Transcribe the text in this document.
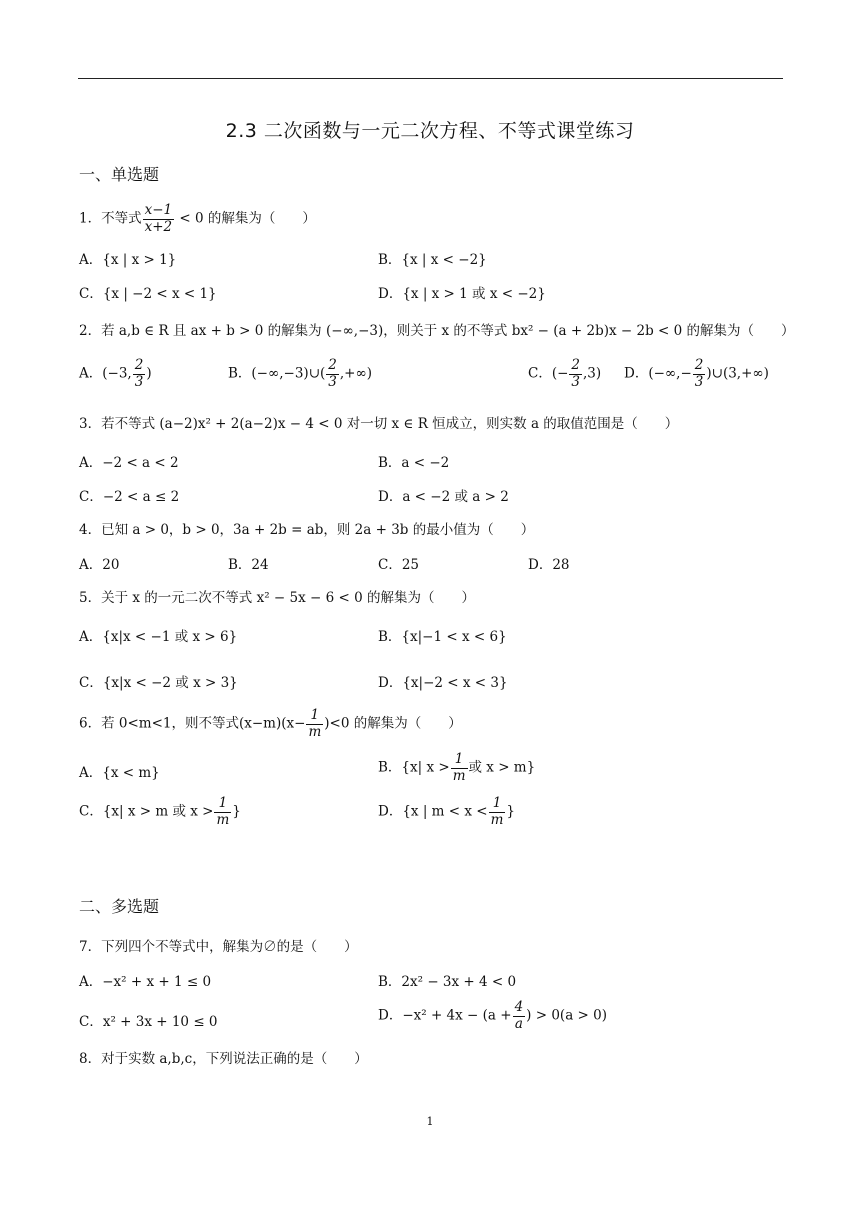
2.3 二次函数与一元二次方程、不等式课堂练习
一、单选题
1．不等式 $\frac{x-1}{x+2} < 0$ 的解集为（　　）
A．{x | x > 1}	B．{x | x < −2}
C．{x | −2 < x < 1}	D．{x | x > 1 或 x < −2}
2．若 a,b ∈ R 且 ax + b > 0 的解集为 (−∞,−3)，则关于 x 的不等式 bx² − (a + 2b)x − 2b < 0 的解集为（　　）
A．(−3, $\frac{2}{3}$ )	B．(−∞,−3)∪( $\frac{2}{3}$ ,+∞)	C．(− $\frac{2}{3} ,3$) D．(−∞,− $\frac{2}{3}$ )∪(3,+∞)
3．若不等式 (a−2)x² + 2(a−2)x − 4 < 0 对一切 x ∈ R 恒成立，则实数 a 的取值范围是（　　）
A．−2 < a < 2	B．a < −2
C．−2 < a ≤ 2	D．a < −2 或 a > 2
4．已知 a > 0，b > 0，3a + 2b = ab，则 2a + 3b 的最小值为（　　）
A．20	B．24	C．25	D．28
5．关于 x 的一元二次不等式 x² − 5x − 6 < 0 的解集为（　　）
A．{x|x < −1 或 x > 6}	B．{x|−1 < x < 6}
C．{x|x < −2 或 x > 3}	D．{x|−2 < x < 3}
6．若 0<m<1，则不等式$(x-m)(x- \frac{1}{m} )<0$ 的解集为（　　）
A．{x < m}	B．{x| $x > \frac{1}{m}$ 或 x > m}
C．{x| x > m 或 $x > \frac{1}{m}$ }	D．{x | $m < x < \frac{1}{m}$ }
二、多选题
7．下列四个不等式中，解集为∅的是（　　）
A．−x² + x + 1 ≤ 0	B．2x² − 3x + 4 < 0
C．x² + 3x + 10 ≤ 0	D．$-x^2 + 4x - (a + \frac{4}{a}$ ) > 0(a > 0)
8．对于实数 a,b,c，下列说法正确的是（　　）
1
